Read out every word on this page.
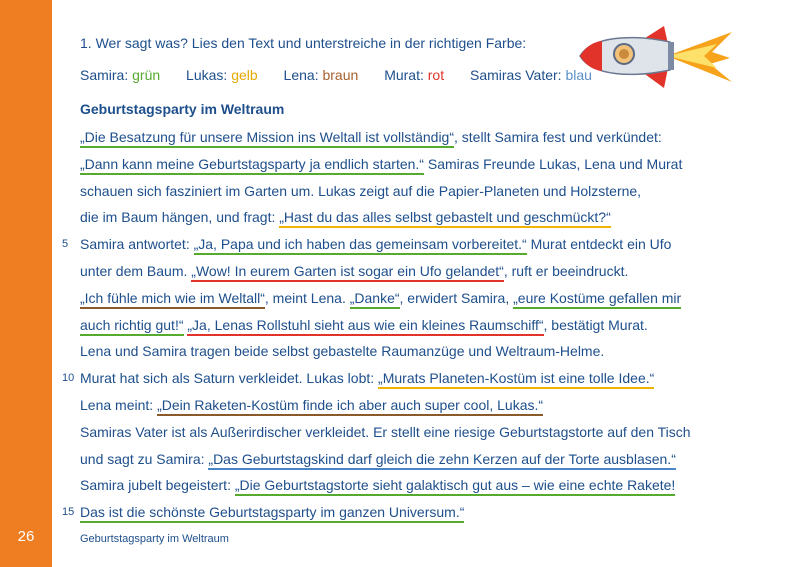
26	Geburtstagsparty im Weltraum
1. Wer sagt was? Lies den Text und unterstreiche in der richtigen Farbe:
Samira: grün Lukas: gelb Lena: braun Murat: rot Samiras Vater: blau
Geburtstagsparty im Weltraum
„Die Besatzung für unsere Mission ins Weltall ist vollständig“, stellt Samira fest und verkündet:
„Dann kann meine Geburtstagsparty ja endlich starten.“ Samiras Freunde Lukas, Lena und Murat
schauen sich fasziniert im Garten um. Lukas zeigt auf die Papier-Planeten und Holzsterne,
die im Baum hängen, und fragt: „Hast du das alles selbst gebastelt und geschmückt?“
5 Samira antwortet: „Ja, Papa und ich haben das gemeinsam vorbereitet.“ Murat entdeckt ein Ufo
unter dem Baum. „Wow! In eurem Garten ist sogar ein Ufo gelandet“, ruft er beeindruckt.
„Ich fühle mich wie im Weltall“, meint Lena. „Danke“, erwidert Samira, „eure Kostüme gefallen mir
auch richtig gut!“ „Ja, Lenas Rollstuhl sieht aus wie ein kleines Raumschiff“, bestätigt Murat.
Lena und Samira tragen beide selbst gebastelte Raumanzüge und Weltraum-Helme.
10 Murat hat sich als Saturn verkleidet. Lukas lobt: „Murats Planeten-Kostüm ist eine tolle Idee.“
Lena meint: „Dein Raketen-Kostüm finde ich aber auch super cool, Lukas.“
Samiras Vater ist als Außerirdischer verkleidet. Er stellt eine riesige Geburtstagstorte auf den Tisch
und sagt zu Samira: „Das Geburtstagskind darf gleich die zehn Kerzen auf der Torte ausblasen.“
Samira jubelt begeistert: „Die Geburtstagstorte sieht galaktisch gut aus – wie eine echte Rakete!
15 Das ist die schönste Geburtstagsparty im ganzen Universum.“
